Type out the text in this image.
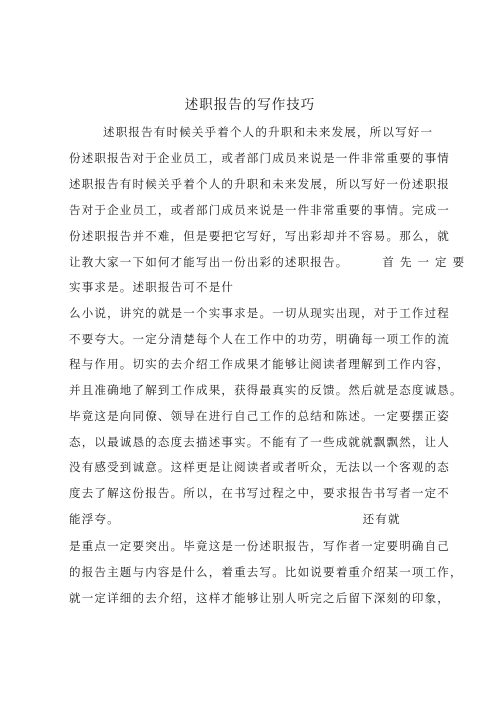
述职报告的写作技巧
述职报告有时候关乎着个人的升职和未来发展，所以写好一
份述职报告对于企业员工，或者部门成员来说是一件非常重要的事情
述职报告有时候关乎着个人的升职和未来发展，所以写好一份述职报
告对于企业员工，或者部门成员来说是一件非常重要的事情。完成一
份述职报告并不难，但是要把它写好，写出彩却并不容易。那么，就
让教大家一下如何才能写出一份出彩的述职报告。       首 先 一 定 要
实事求是。述职报告可不是什
么小说，讲究的就是一个实事求是。一切从现实出现，对于工作过程
不要夸大。一定分清楚每个人在工作中的功劳，明确每一项工作的流
程与作用。切实的去介绍工作成果才能够让阅读者理解到工作内容，
并且准确地了解到工作成果，获得最真实的反馈。然后就是态度诚恳。
毕竟这是向同僚、领导在进行自己工作的总结和陈述。一定要摆正姿
态，以最诚恳的态度去描述事实。不能有了一些成就就飘飘然，让人
没有感受到诚意。这样更是让阅读者或者听众，无法以一个客观的态
度去了解这份报告。所以，在书写过程之中，要求报告书写者一定不
能浮夸。                                                  还有就
是重点一定要突出。毕竟这是一份述职报告，写作者一定要明确自己
的报告主题与内容是什么，着重去写。比如说要着重介绍某一项工作，
就一定详细的去介绍，这样才能够让别人听完之后留下深刻的印象，
